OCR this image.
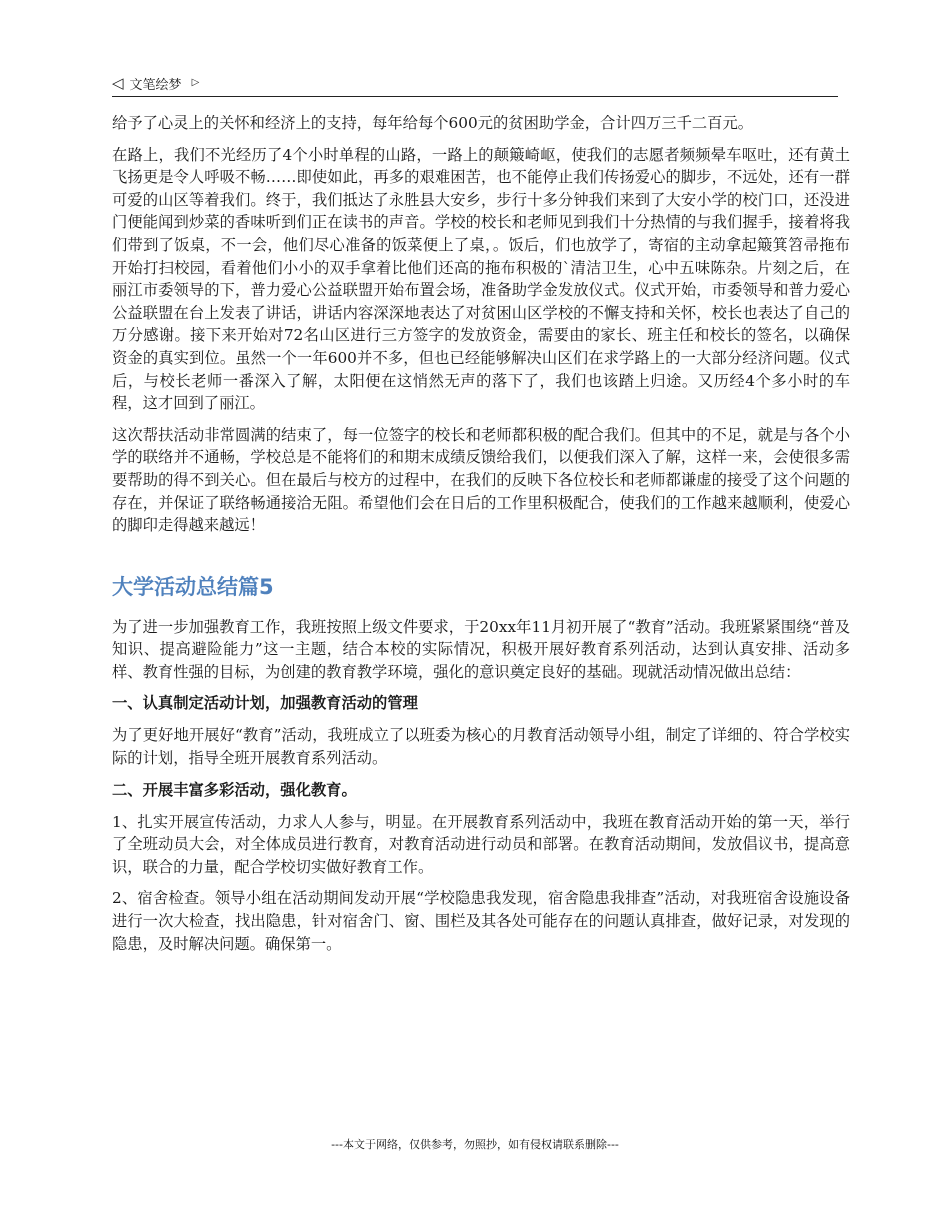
◁ 文笔绘梦 ▷

给予了心灵上的关怀和经济上的支持，每年给每个600元的贫困助学金，合计四万三千二百元。

在路上，我们不光经历了4个小时单程的山路，一路上的颠簸崎岖，使我们的志愿者频频晕车呕吐，还有黄土飞扬更是令人呼吸不畅……即使如此，再多的艰难困苦，也不能停止我们传扬爱心的脚步，不远处，还有一群可爱的山区等着我们。终于，我们抵达了永胜县大安乡，步行十多分钟我们来到了大安小学的校门口，还没进门便能闻到炒菜的香味听到们正在读书的声音。学校的校长和老师见到我们十分热情的与我们握手，接着将我们带到了饭桌，不一会，他们尽心准备的饭菜便上了桌，。饭后，们也放学了，寄宿的主动拿起簸箕笤帚拖布开始打扫校园，看着他们小小的双手拿着比他们还高的拖布积极的`清洁卫生，心中五味陈杂。片刻之后，在丽江市委领导的下，普力爱心公益联盟开始布置会场，准备助学金发放仪式。仪式开始，市委领导和普力爱心公益联盟在台上发表了讲话，讲话内容深深地表达了对贫困山区学校的不懈支持和关怀，校长也表达了自己的万分感谢。接下来开始对72名山区进行三方签字的发放资金，需要由的家长、班主任和校长的签名，以确保资金的真实到位。虽然一个一年600并不多，但也已经能够解决山区们在求学路上的一大部分经济问题。仪式后，与校长老师一番深入了解，太阳便在这悄然无声的落下了，我们也该踏上归途。又历经4个多小时的车程，这才回到了丽江。

这次帮扶活动非常圆满的结束了，每一位签字的校长和老师都积极的配合我们。但其中的不足，就是与各个小学的联络并不通畅，学校总是不能将们的和期末成绩反馈给我们，以便我们深入了解，这样一来，会使很多需要帮助的得不到关心。但在最后与校方的过程中，在我们的反映下各位校长和老师都谦虚的接受了这个问题的存在，并保证了联络畅通接洽无阻。希望他们会在日后的工作里积极配合，使我们的工作越来越顺利，使爱心的脚印走得越来越远！

大学活动总结篇5

为了进一步加强教育工作，我班按照上级文件要求，于20xx年11月初开展了“教育”活动。我班紧紧围绕“普及知识、提高避险能力”这一主题，结合本校的实际情况，积极开展好教育系列活动，达到认真安排、活动多样、教育性强的目标，为创建的教育教学环境，强化的意识奠定良好的基础。现就活动情况做出总结：

一、认真制定活动计划，加强教育活动的管理

为了更好地开展好“教育”活动，我班成立了以班委为核心的月教育活动领导小组，制定了详细的、符合学校实际的计划，指导全班开展教育系列活动。

二、开展丰富多彩活动，强化教育。

1、扎实开展宣传活动，力求人人参与，明显。在开展教育系列活动中，我班在教育活动开始的第一天，举行了全班动员大会，对全体成员进行教育，对教育活动进行动员和部署。在教育活动期间，发放倡议书，提高意识，联合的力量，配合学校切实做好教育工作。

2、宿舍检查。领导小组在活动期间发动开展“学校隐患我发现，宿舍隐患我排查”活动，对我班宿舍设施设备进行一次大检查，找出隐患，针对宿舍门、窗、围栏及其各处可能存在的问题认真排查，做好记录，对发现的隐患，及时解决问题。确保第一。

---本文于网络，仅供参考，勿照抄，如有侵权请联系删除---
